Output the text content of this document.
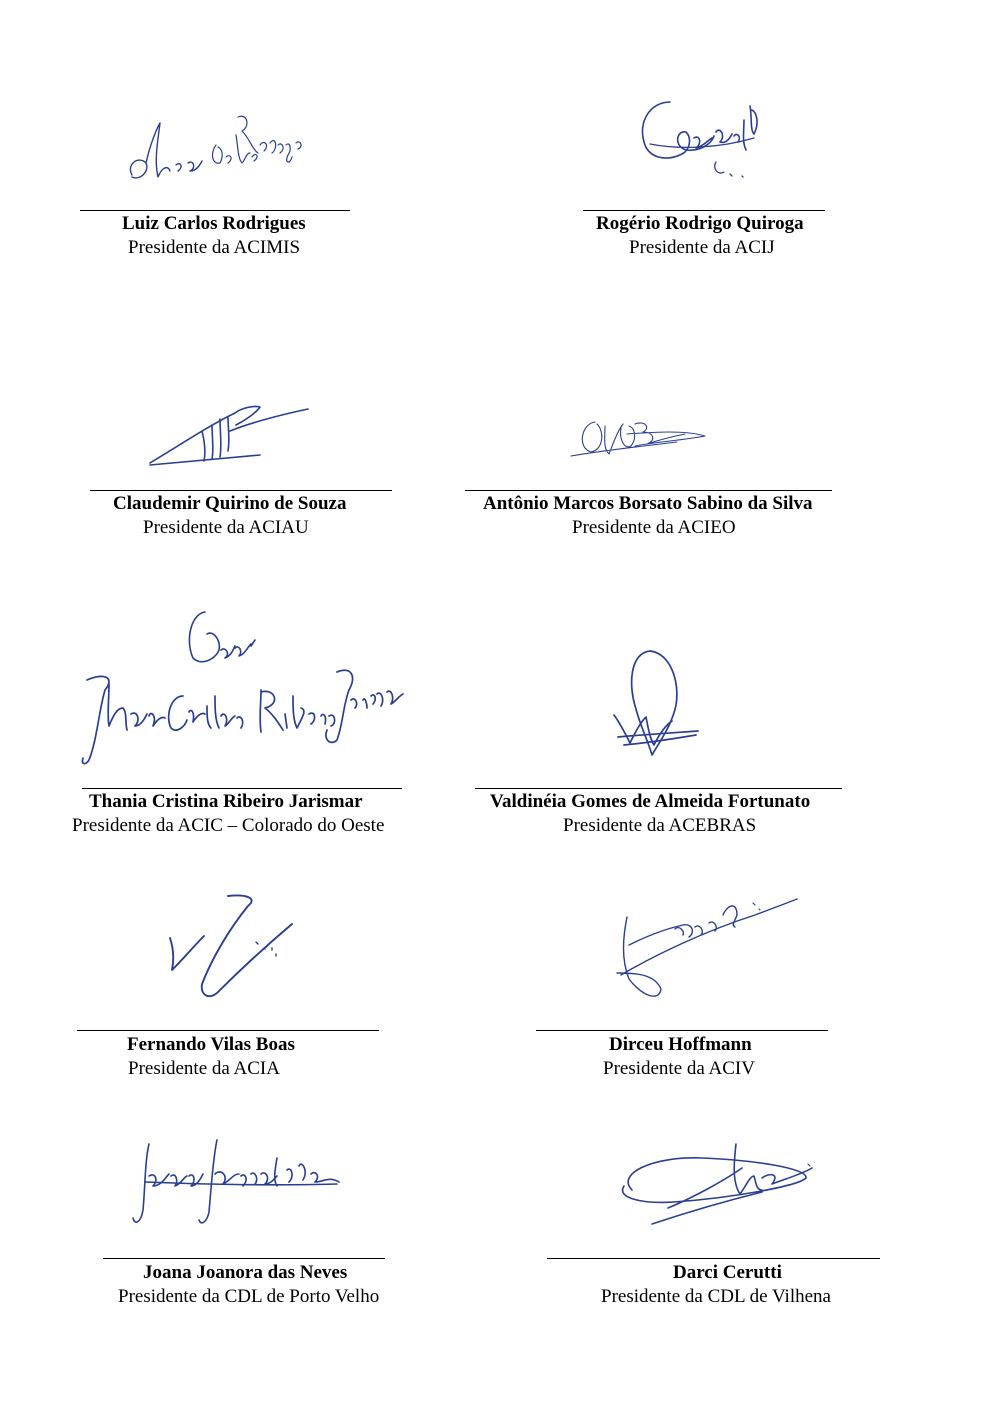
Luiz Carlos Rodrigues
Presidente da ACIMIS
Rogério Rodrigo Quiroga
Presidente da ACIJ
Claudemir Quirino de Souza
Presidente da ACIAU
Antônio Marcos Borsato Sabino da Silva
Presidente da ACIEO
Thania Cristina Ribeiro Jarismar
Presidente da ACIC – Colorado do Oeste
Valdinéia Gomes de Almeida Fortunato
Presidente da ACEBRAS
Fernando Vilas Boas
Presidente da ACIA
Dirceu Hoffmann
Presidente da ACIV
Joana Joanora das Neves
Presidente da CDL de Porto Velho
Darci Cerutti
Presidente da CDL de Vilhena
